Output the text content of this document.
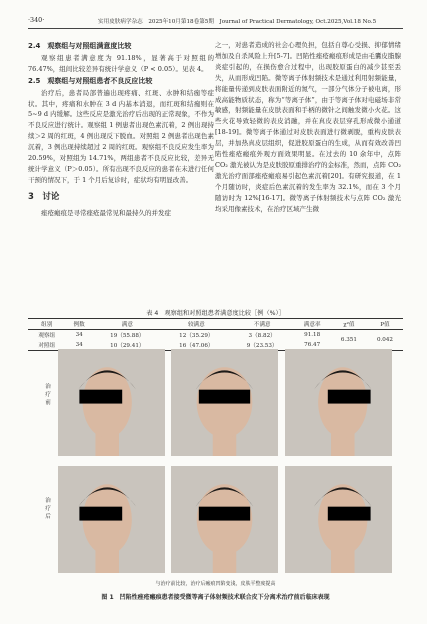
·340·	实用皮肤病学杂志　2025年10月第18卷第5期　Journal of Practical Dermatology, Oct.2025,Vol.18 No.5
2.4　观察组与对照组满意度比较

观察组患者满意度为 91.18%，显著高于对照组的 76.47%，组间比较差异有统计学意义（P < 0.05）。见表 4。

2.5　观察组与对照组患者不良反应比较

治疗后，患者局部普遍出现疼痛、红斑、水肿和结痂等症状。其中，疼痛和水肿在 3 d 内基本消退，而红斑和结痂则在 5~9 d 内缓解。这些反应是激光治疗后出现的正常现象，不作为不良反应进行统计。观察组 1 例患者出现色素沉着，2 例出现持续＞2 周的红斑，4 例出现反下脱血。对照组 2 例患者出现色素沉着，3 例出现持续超过 2 周的红斑。观察组不良反应发生率为 20.59%，对照组为 14.71%，两组患者不良反应比较，差异无统计学意义（P＞0.05）。所有出现不良反应的患者在未进行任何干预的情况下，于 1 个月后复诊时，症状均有明显改善。

3　讨论

痤疮瘢痕是寻常痤疮最常见和最持久的并发症

之一，对患者造成的社会心理负担，包括自尊心受损、抑郁情绪增加及自杀风险上升[5-7]。凹陷性痤疮瘢痕形成是由毛囊皮脂腺炎症引起的，在损伤愈合过程中，出现胶原蛋白的减少甚至丢失，从而形成凹陷。微等离子体射频技术是通过利用射频能量，将能量传递到皮肤表面附近的氮气，一部分气体分子被电离，形成高能物质状态，称为“等离子体”，由于等离子体对电磁场非常敏感，射频能量在皮肤表面和手柄的微针之间触发微小火花。这些火花导致轻微的表皮消融，并在真皮表层穿孔形成微小通道[18-19]。微等离子体通过对皮肤表面进行微剥脱，重构皮肤表层，并加热真皮层组织，促进胶原蛋白的生成，从而有效改善凹陷性痤疮瘢痕外观方面效果明显。在过去的 10 余年中，点阵 CO₂ 激光被认为是皮肤胶原重排治疗的金标准，然而，点阵 CO₂ 激光治疗面部痤疮瘢痕易引起色素沉着[20]。有研究报道，在 1 个月随访时，炎症后色素沉着的发生率为 32.1%，而在 3 个月随访时为 12%[16-17]。微等离子体射频技术与点阵 CO₂ 激光均采用像素技术，在治疗区域产生微

表 4　观察组和对照组患者满意度比较［例（%）］
组别	例数	满意	较满意	不满意	满意率	χ²值	P值
观察组	34	19（55.88）	12（35.29）	3（8.82）	91.18	6.351	0.042
对照组	34	10（29.41）	16（47.06）	9（23.53）	76.47		
治疗前
治疗后
与治疗前比较，治疗后瘢痕凹陷变浅，皮肤平整度提高
图 1　凹陷性痤疮瘢痕患者接受微等离子体射频技术联合皮下分离术治疗前后临床表现
